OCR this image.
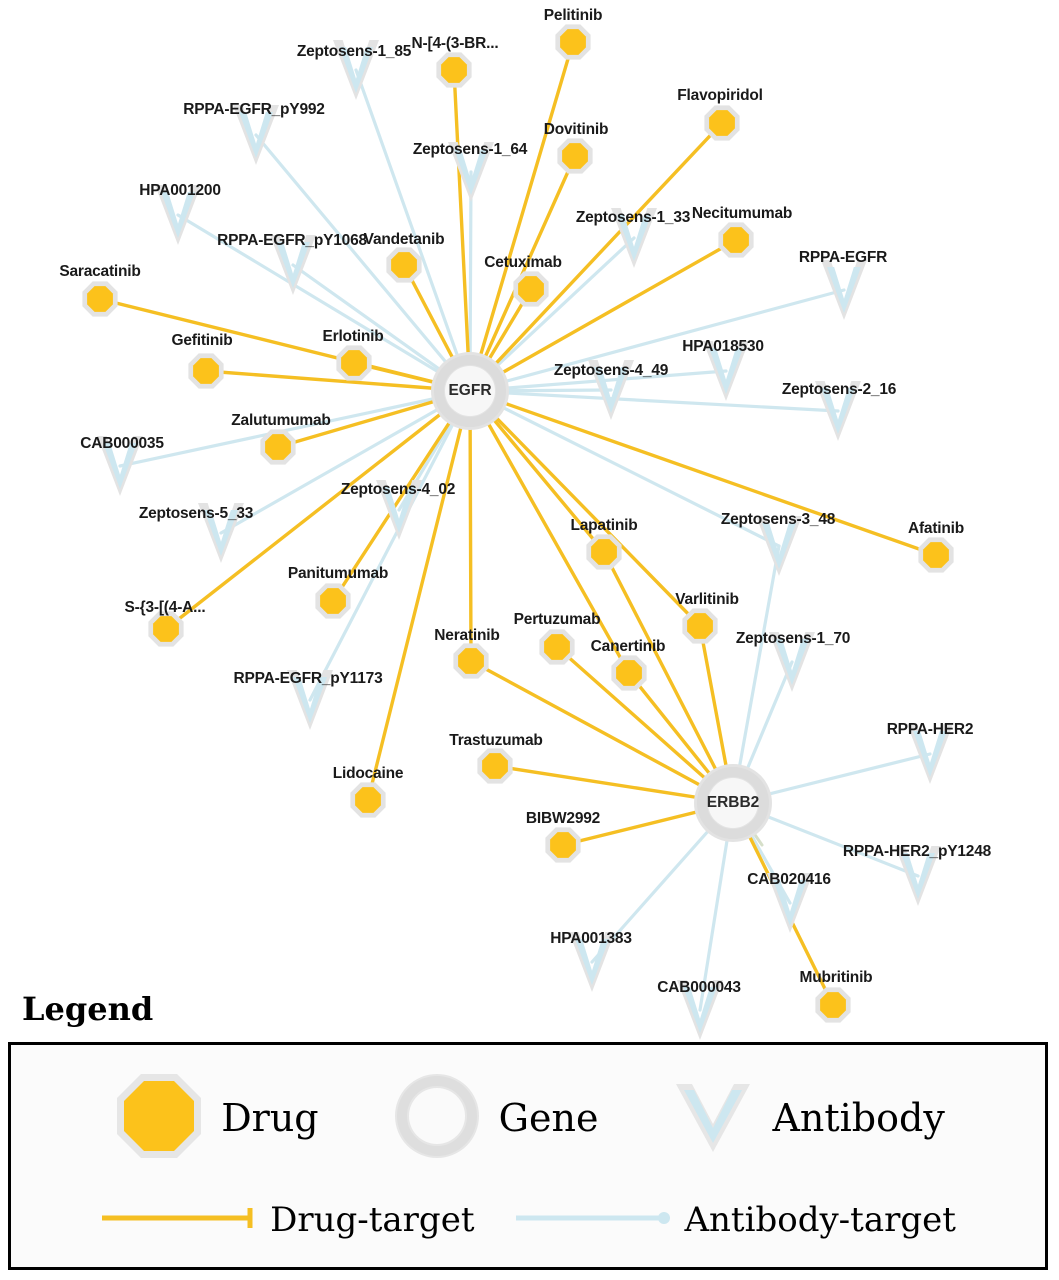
Zeptosens-1_85
RPPA-EGFR_pY992
Zeptosens-1_64
HPA001200
Zeptosens-1_33
RPPA-EGFR_pY1068
RPPA-EGFR
HPA018530
Zeptosens-4_49
Zeptosens-2_16
CAB000035
Zeptosens-4_02
Zeptosens-5_33	Zeptosens-3_48
Zeptosens-1_70
RPPA-EGFR_pY1173
RPPA-HER2
RPPA-HER2_pY1248
CAB020416
HPA001383
CAB000043
Pelitinib
N-[4-(3-BR...
Flavopiridol
Dovitinib
Necitumumab
Vandetanib
Cetuximab
Saracatinib
Erlotinib
Gefitinib
Zalutumumab
Afatinib
Lapatinib
Varlitinib
Panitumumab
S-{3-[(4-A...
Pertuzumab
Neratinib
Canertinib
Trastuzumab
Lidocaine
BIBW2992
Mubritinib
EGFR
ERBB2
Legend
Drug	Gene	Antibody
Drug-target	Antibody-target
